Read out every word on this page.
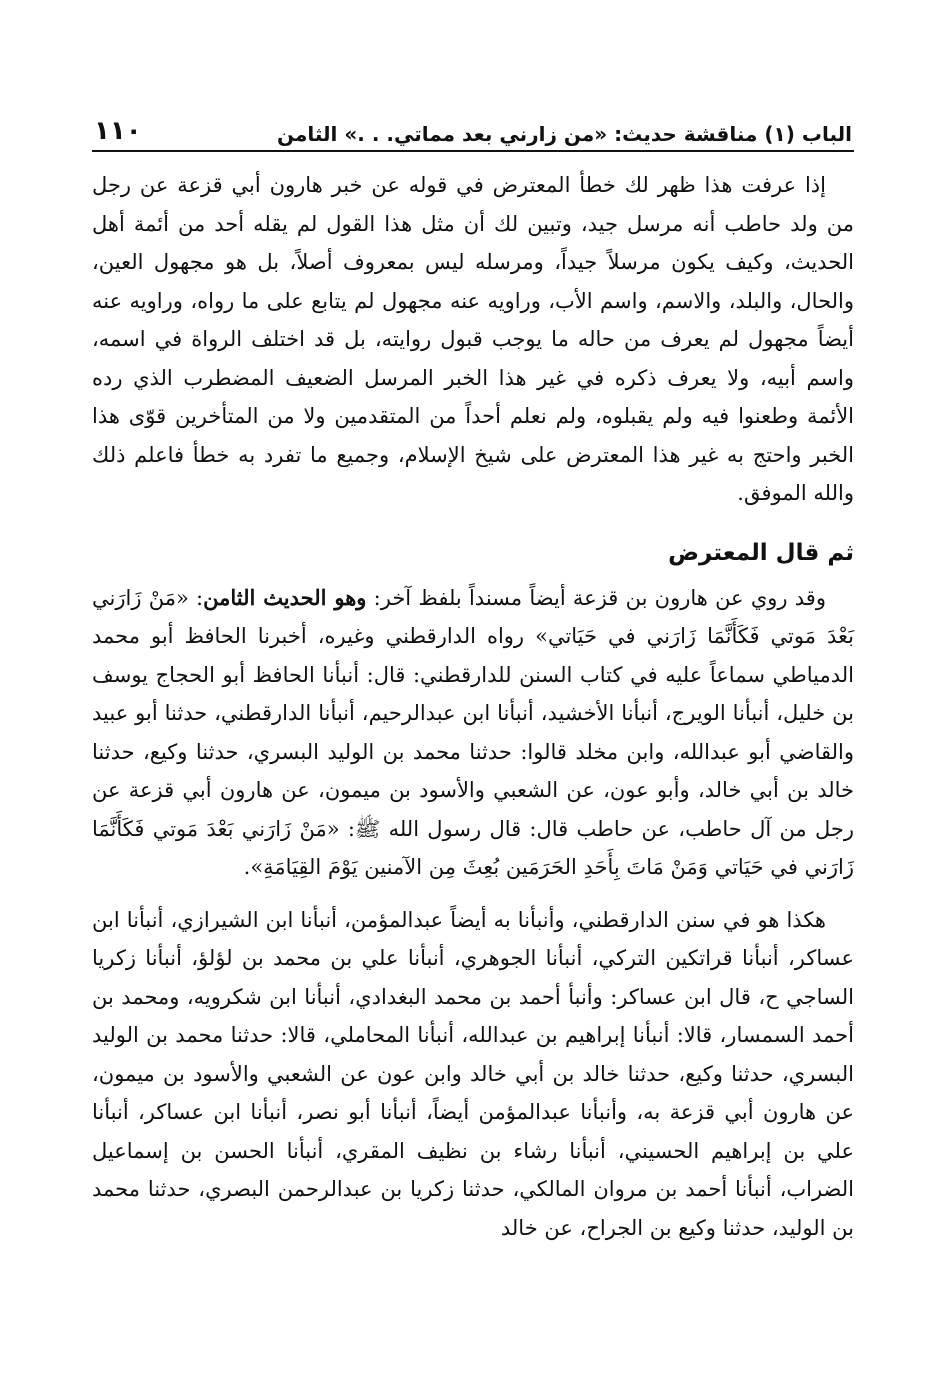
الباب (١) مناقشة حديث: «من زارني بعد مماتي. . .» الثامن
١١٠

إذا عرفت هذا ظهر لك خطأ المعترض في قوله عن خبر هارون أبي قزعة عن رجل من ولد حاطب أنه مرسل جيد، وتبين لك أن مثل هذا القول لم يقله أحد من أئمة أهل الحديث، وكيف يكون مرسلاً جيداً، ومرسله ليس بمعروف أصلاً، بل هو مجهول العين، والحال، والبلد، والاسم، واسم الأب، وراويه عنه مجهول لم يتابع على ما رواه، وراويه عنه أيضاً مجهول لم يعرف من حاله ما يوجب قبول روايته، بل قد اختلف الرواة في اسمه، واسم أبيه، ولا يعرف ذكره في غير هذا الخبر المرسل الضعيف المضطرب الذي رده الأئمة وطعنوا فيه ولم يقبلوه، ولم نعلم أحداً من المتقدمين ولا من المتأخرين قوّى هذا الخبر واحتج به غير هذا المعترض على شيخ الإسلام، وجميع ما تفرد به خطأ فاعلم ذلك والله الموفق.

ثم قال المعترض

وقد روي عن هارون بن قزعة أيضاً مسنداً بلفظ آخر: وهو الحديث الثامن: «مَنْ زَارَني بَعْدَ مَوتي فَكَأَنَّمَا زَارَني في حَيَاتي» رواه الدارقطني وغيره، أخبرنا الحافظ أبو محمد الدمياطي سماعاً عليه في كتاب السنن للدارقطني: قال: أنبأنا الحافظ أبو الحجاج يوسف بن خليل، أنبأنا الويرج، أنبأنا الأخشيد، أنبأنا ابن عبدالرحيم، أنبأنا الدارقطني، حدثنا أبو عبيد والقاضي أبو عبدالله، وابن مخلد قالوا: حدثنا محمد بن الوليد البسري، حدثنا وكيع، حدثنا خالد بن أبي خالد، وأبو عون، عن الشعبي والأسود بن ميمون، عن هارون أبي قزعة عن رجل من آل حاطب، عن حاطب قال: قال رسول الله ﷺ: «مَنْ زَارَني بَعْدَ مَوتي فَكَأَنَّمَا زَارَني في حَيَاتي وَمَنْ مَاتَ بِأَحَدِ الحَرَمَين بُعِثَ مِن الآمنين يَوْمَ القِيَامَةِ».

هكذا هو في سنن الدارقطني، وأنبأنا به أيضاً عبدالمؤمن، أنبأنا ابن الشيرازي، أنبأنا ابن عساكر، أنبأنا قراتكين التركي، أنبأنا الجوهري، أنبأنا علي بن محمد بن لؤلؤ، أنبأنا زكريا الساجي ح، قال ابن عساكر: وأنبأ أحمد بن محمد البغدادي، أنبأنا ابن شكرويه، ومحمد بن أحمد السمسار، قالا: أنبأنا إبراهيم بن عبدالله، أنبأنا المحاملي، قالا: حدثنا محمد بن الوليد البسري، حدثنا وكيع، حدثنا خالد بن أبي خالد وابن عون عن الشعبي والأسود بن ميمون، عن هارون أبي قزعة به، وأنبأنا عبدالمؤمن أيضاً، أنبأنا أبو نصر، أنبأنا ابن عساكر، أنبأنا علي بن إبراهيم الحسيني، أنبأنا رشاء بن نظيف المقري، أنبأنا الحسن بن إسماعيل الضراب، أنبأنا أحمد بن مروان المالكي، حدثنا زكريا بن عبدالرحمن البصري، حدثنا محمد بن الوليد، حدثنا وكيع بن الجراح، عن خالد
